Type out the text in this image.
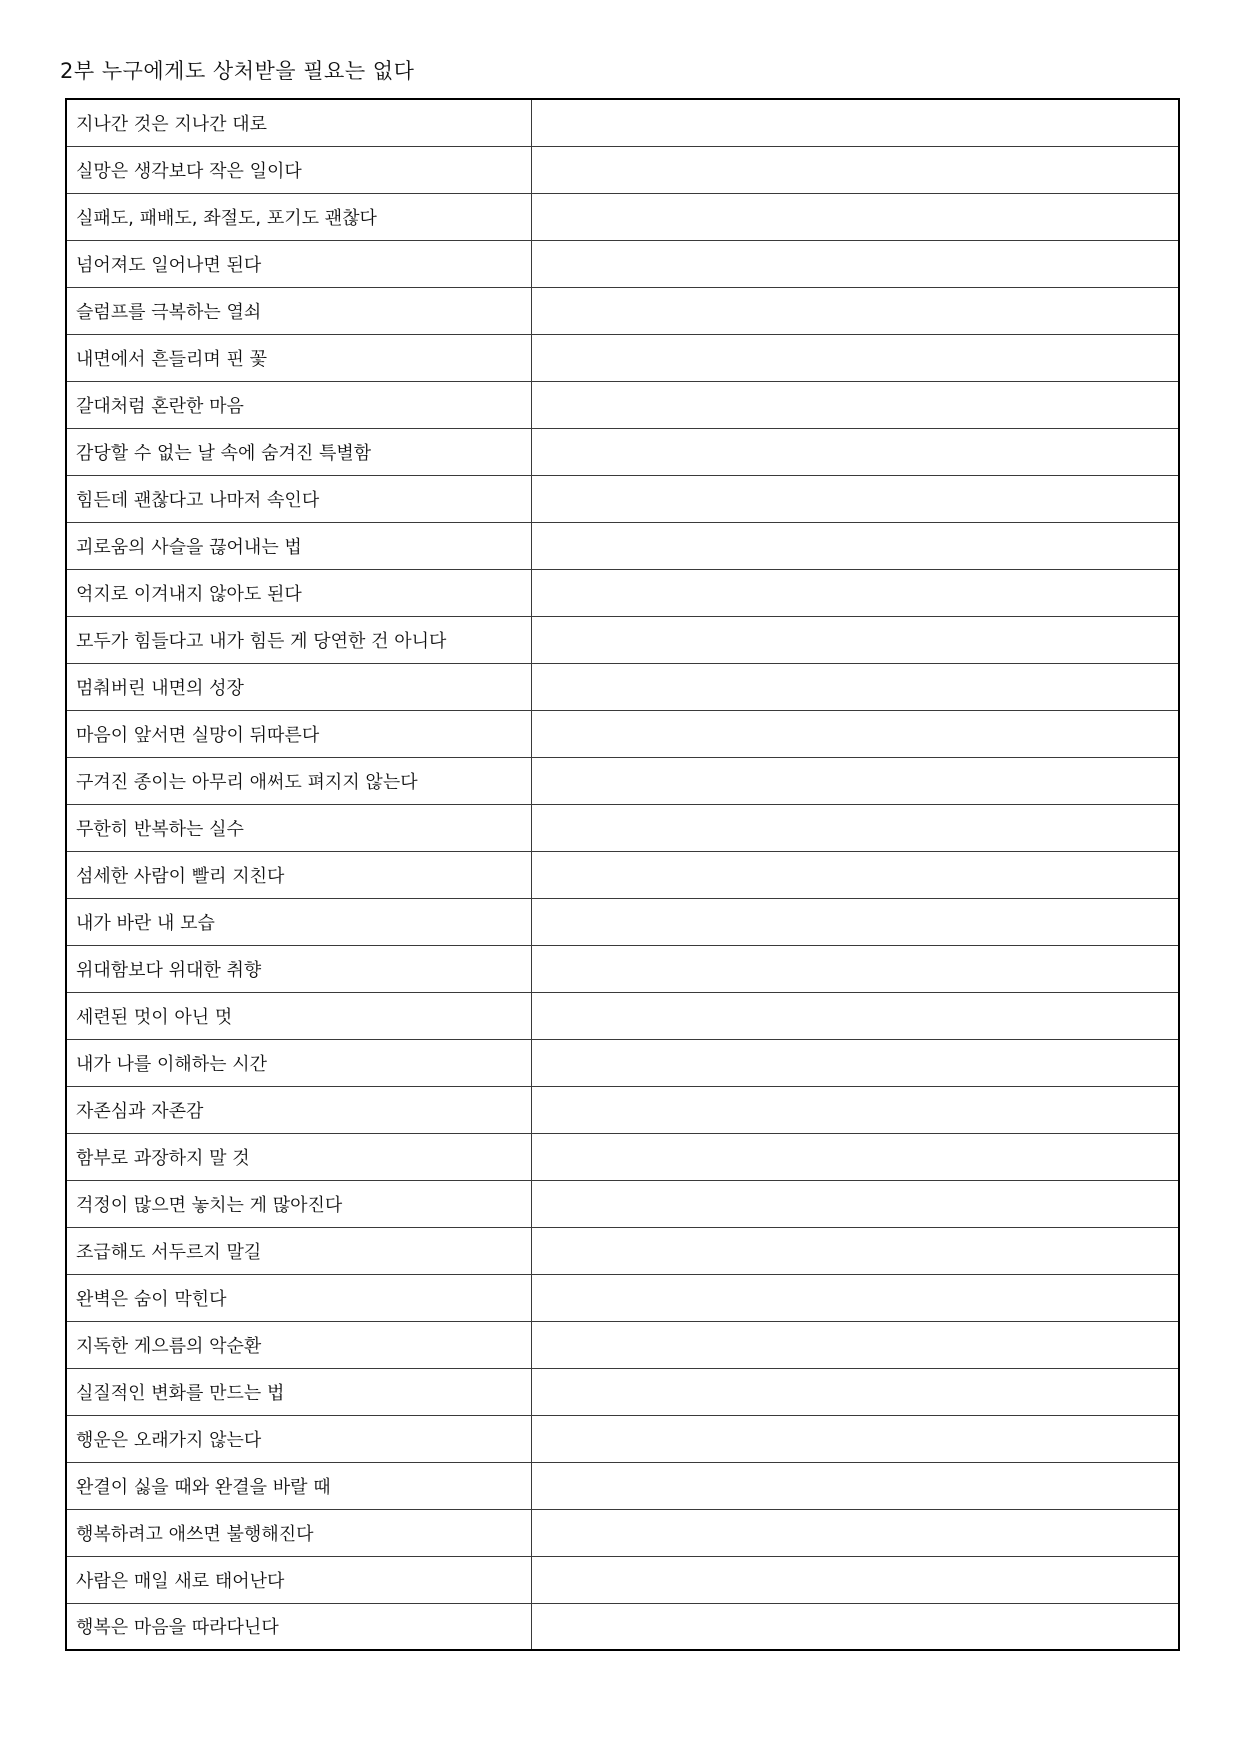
2부 누구에게도 상처받을 필요는 없다
지나간 것은 지나간 대로	
실망은 생각보다 작은 일이다	
실패도, 패배도, 좌절도, 포기도 괜찮다	
넘어져도 일어나면 된다	
슬럼프를 극복하는 열쇠	
내면에서 흔들리며 핀 꽃	
갈대처럼 혼란한 마음	
감당할 수 없는 날 속에 숨겨진 특별함	
힘든데 괜찮다고 나마저 속인다	
괴로움의 사슬을 끊어내는 법	
억지로 이겨내지 않아도 된다	
모두가 힘들다고 내가 힘든 게 당연한 건 아니다	
멈춰버린 내면의 성장	
마음이 앞서면 실망이 뒤따른다	
구겨진 종이는 아무리 애써도 펴지지 않는다	
무한히 반복하는 실수	
섬세한 사람이 빨리 지친다	
내가 바란 내 모습	
위대함보다 위대한 취향	
세련된 멋이 아닌 멋	
내가 나를 이해하는 시간	
자존심과 자존감	
함부로 과장하지 말 것	
걱정이 많으면 놓치는 게 많아진다	
조급해도 서두르지 말길	
완벽은 숨이 막힌다	
지독한 게으름의 악순환	
실질적인 변화를 만드는 법	
행운은 오래가지 않는다	
완결이 싫을 때와 완결을 바랄 때	
행복하려고 애쓰면 불행해진다	
사람은 매일 새로 태어난다	
행복은 마음을 따라다닌다	
